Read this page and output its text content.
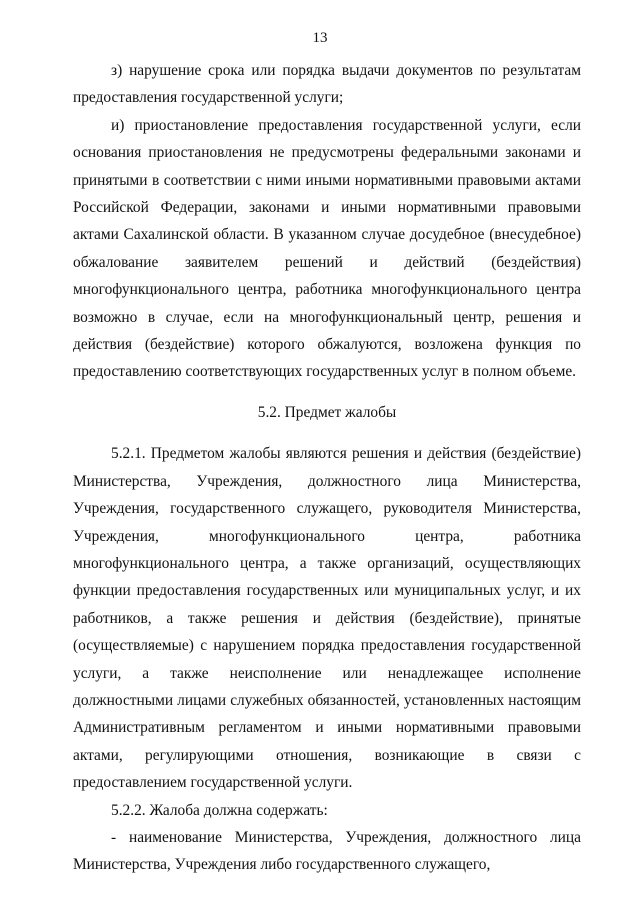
13

з) нарушение срока или порядка выдачи документов по результатам предоставления государственной услуги;

и) приостановление предоставления государственной услуги, если основания приостановления не предусмотрены федеральными законами и принятыми в соответствии с ними иными нормативными правовыми актами Российской Федерации, законами и иными нормативными правовыми актами Сахалинской области. В указанном случае досудебное (внесудебное) обжалование заявителем решений и действий (бездействия) многофункционального центра, работника многофункционального центра возможно в случае, если на многофункциональный центр, решения и действия (бездействие) которого обжалуются, возложена функция по предоставлению соответствующих государственных услуг в полном объеме.

5.2. Предмет жалобы

5.2.1. Предметом жалобы являются решения и действия (бездействие) Министерства, Учреждения, должностного лица Министерства, Учреждения, государственного служащего, руководителя Министерства, Учреждения, многофункционального центра, работника многофункционального центра, а также организаций, осуществляющих функции предоставления государственных или муниципальных услуг, и их работников, а также решения и действия (бездействие), принятые (осуществляемые) с нарушением порядка предоставления государственной услуги, а также неисполнение или ненадлежащее исполнение должностными лицами служебных обязанностей, установленных настоящим Административным регламентом и иными нормативными правовыми актами, регулирующими отношения, возникающие в связи с предоставлением государственной услуги.

5.2.2. Жалоба должна содержать:

- наименование Министерства, Учреждения, должностного лица Министерства, Учреждения либо государственного служащего,
